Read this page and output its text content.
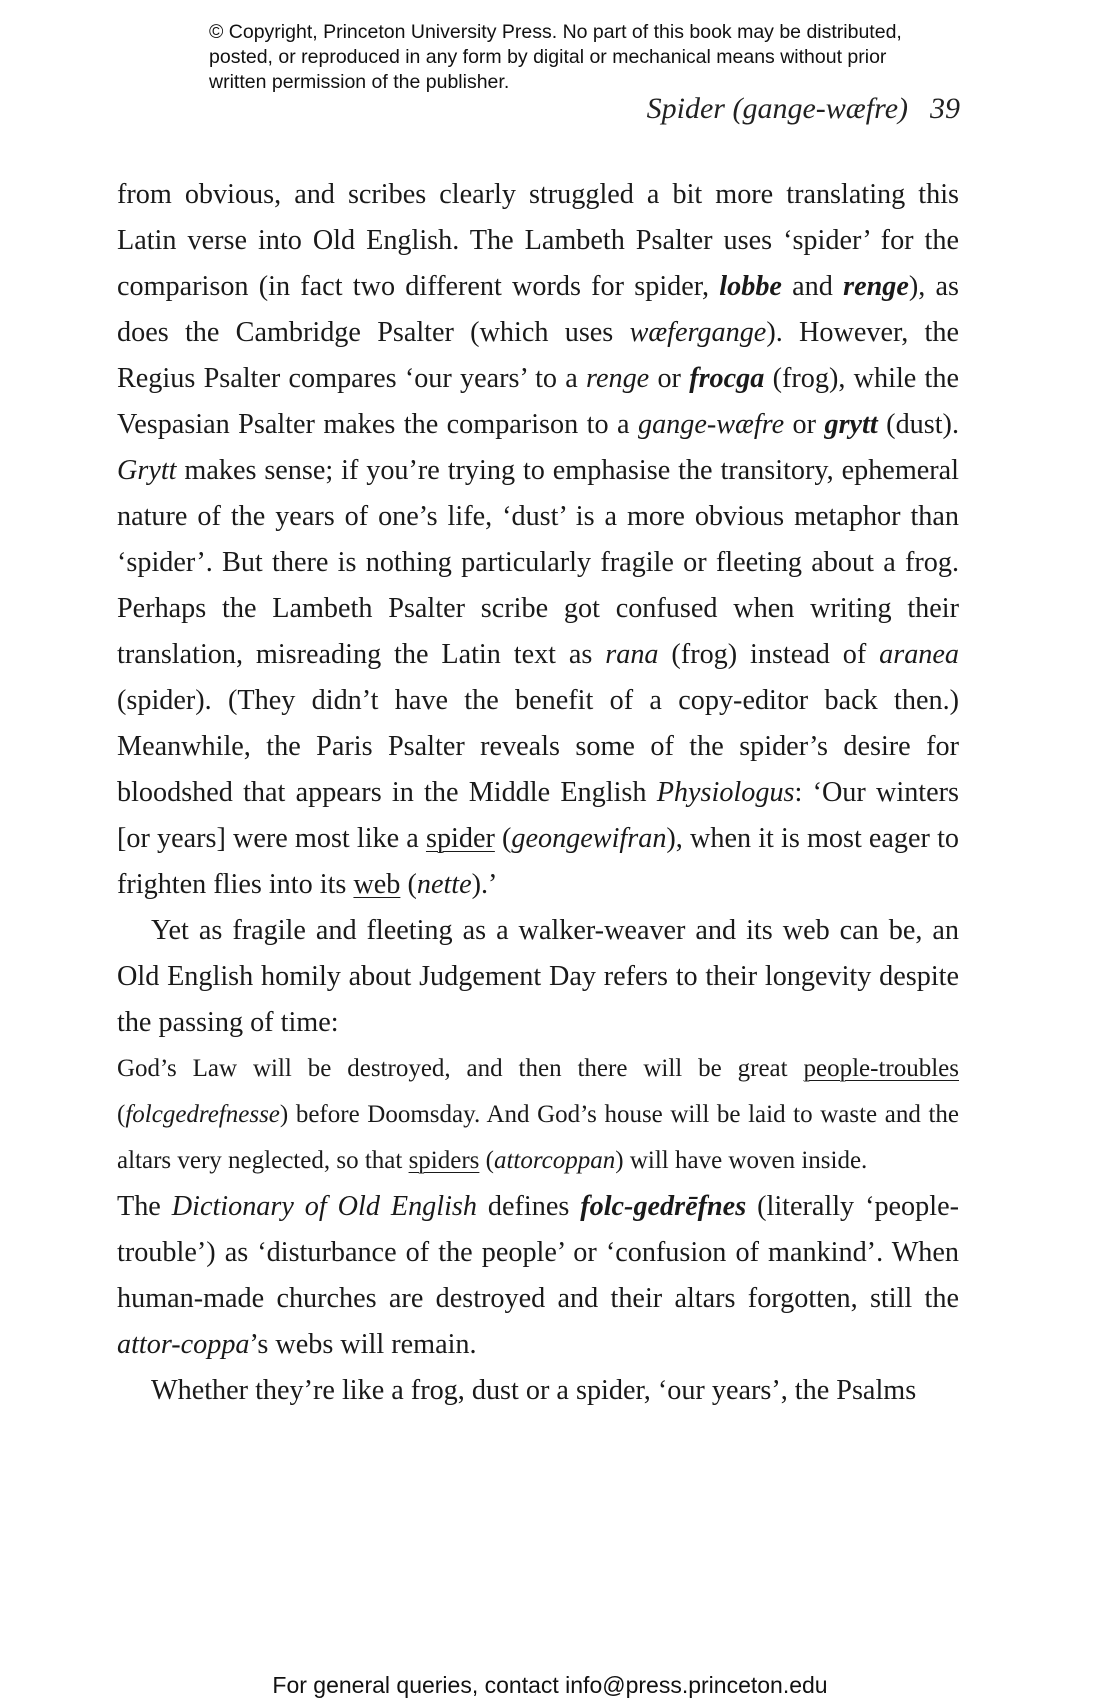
© Copyright, Princeton University Press. No part of this book may be distributed, posted, or reproduced in any form by digital or mechanical means without prior written permission of the publisher.
Spider (gange-wæfre) 39

from obvious, and scribes clearly struggled a bit more translating this Latin verse into Old English. The Lambeth Psalter uses ‘spider’ for the comparison (in fact two different words for spider, lobbe and renge), as does the Cambridge Psalter (which uses wæfergange). However, the Regius Psalter compares ‘our years’ to a renge or frocga (frog), while the Vespasian Psalter makes the comparison to a gange-wæfre or grytt (dust). Grytt makes sense; if you’re trying to emphasise the transitory, ephemeral nature of the years of one’s life, ‘dust’ is a more obvious metaphor than ‘spider’. But there is nothing particularly fragile or fleeting about a frog. Perhaps the Lambeth Psalter scribe got confused when writing their translation, misreading the Latin text as rana (frog) instead of aranea (spider). (They didn’t have the benefit of a copy-editor back then.) Meanwhile, the Paris Psalter reveals some of the spider’s desire for bloodshed that appears in the Middle English Physiologus: ‘Our winters [or years] were most like a spider (geongewifran), when it is most eager to frighten flies into its web (nette).’

Yet as fragile and fleeting as a walker-weaver and its web can be, an Old English homily about Judgement Day refers to their longevity despite the passing of time:

God’s Law will be destroyed, and then there will be great people-troubles (folcgedrefnesse) before Doomsday. And God’s house will be laid to waste and the altars very neglected, so that spiders (attorcoppan) will have woven inside.

The Dictionary of Old English defines folc-gedrēfnes (literally ‘people-trouble’) as ‘disturbance of the people’ or ‘confusion of mankind’. When human-made churches are destroyed and their altars forgotten, still the attor-coppa’s webs will remain.

Whether they’re like a frog, dust or a spider, ‘our years’, the Psalms

For general queries, contact info@press.princeton.edu
